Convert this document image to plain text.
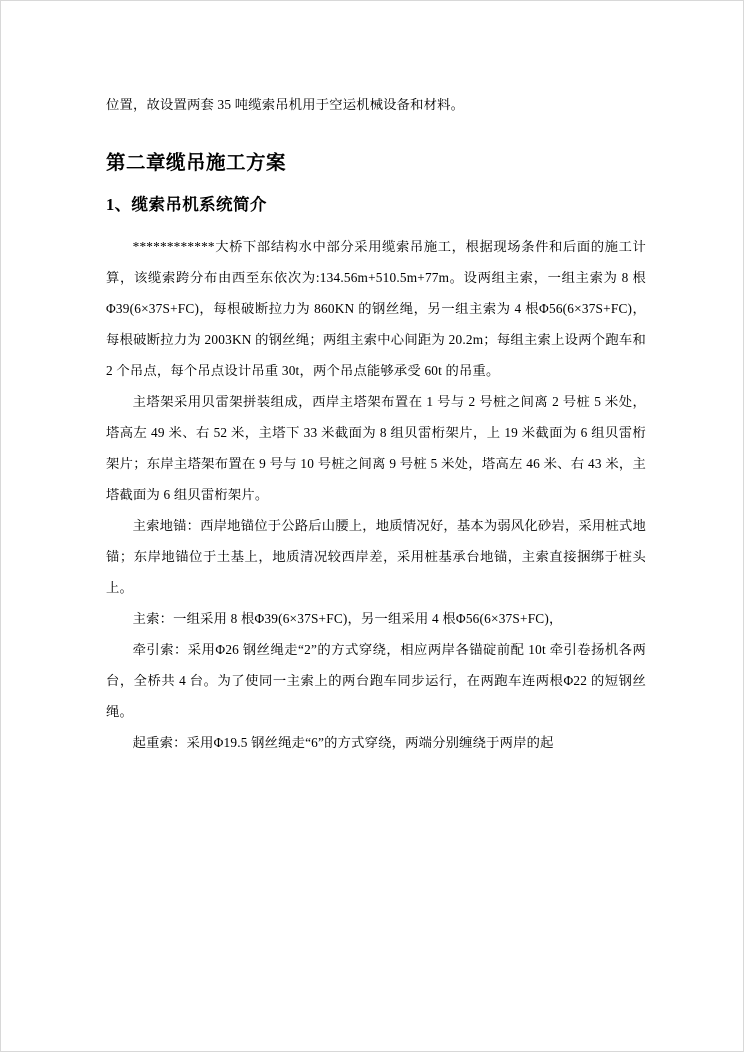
位置，故设置两套 35 吨缆索吊机用于空运机械设备和材料。

第二章缆吊施工方案
1、缆索吊机系统简介

************大桥下部结构水中部分采用缆索吊施工，根据现场条件和后面的施工计算，该缆索跨分布由西至东依次为:134.56m+510.5m+77m。设两组主索，一组主索为 8 根Φ39(6×37S+FC)，每根破断拉力为 860KN 的钢丝绳，另一组主索为 4 根Φ56(6×37S+FC)，每根破断拉力为 2003KN 的钢丝绳；两组主索中心间距为 20.2m；每组主索上设两个跑车和 2 个吊点，每个吊点设计吊重 30t，两个吊点能够承受 60t 的吊重。

主塔架采用贝雷架拼装组成，西岸主塔架布置在 1 号与 2 号桩之间离 2 号桩 5 米处，塔高左 49 米、右 52 米，主塔下 33 米截面为 8 组贝雷桁架片，上 19 米截面为 6 组贝雷桁架片；东岸主塔架布置在 9 号与 10 号桩之间离 9 号桩 5 米处，塔高左 46 米、右 43 米，主塔截面为 6 组贝雷桁架片。

主索地锚：西岸地锚位于公路后山腰上，地质情况好，基本为弱风化砂岩，采用桩式地锚；东岸地锚位于土基上，地质清况较西岸差，采用桩基承台地锚，主索直接捆绑于桩头上。

主索：一组采用 8 根Φ39(6×37S+FC)，另一组采用 4 根Φ56(6×37S+FC)，

牵引索：采用Φ26 钢丝绳走“2”的方式穿绕，相应两岸各锚碇前配 10t 牵引卷扬机各两台，全桥共 4 台。为了使同一主索上的两台跑车同步运行，在两跑车连两根Φ22 的短钢丝绳。

起重索：采用Φ19.5 钢丝绳走“6”的方式穿绕，两端分别缠绕于两岸的起
